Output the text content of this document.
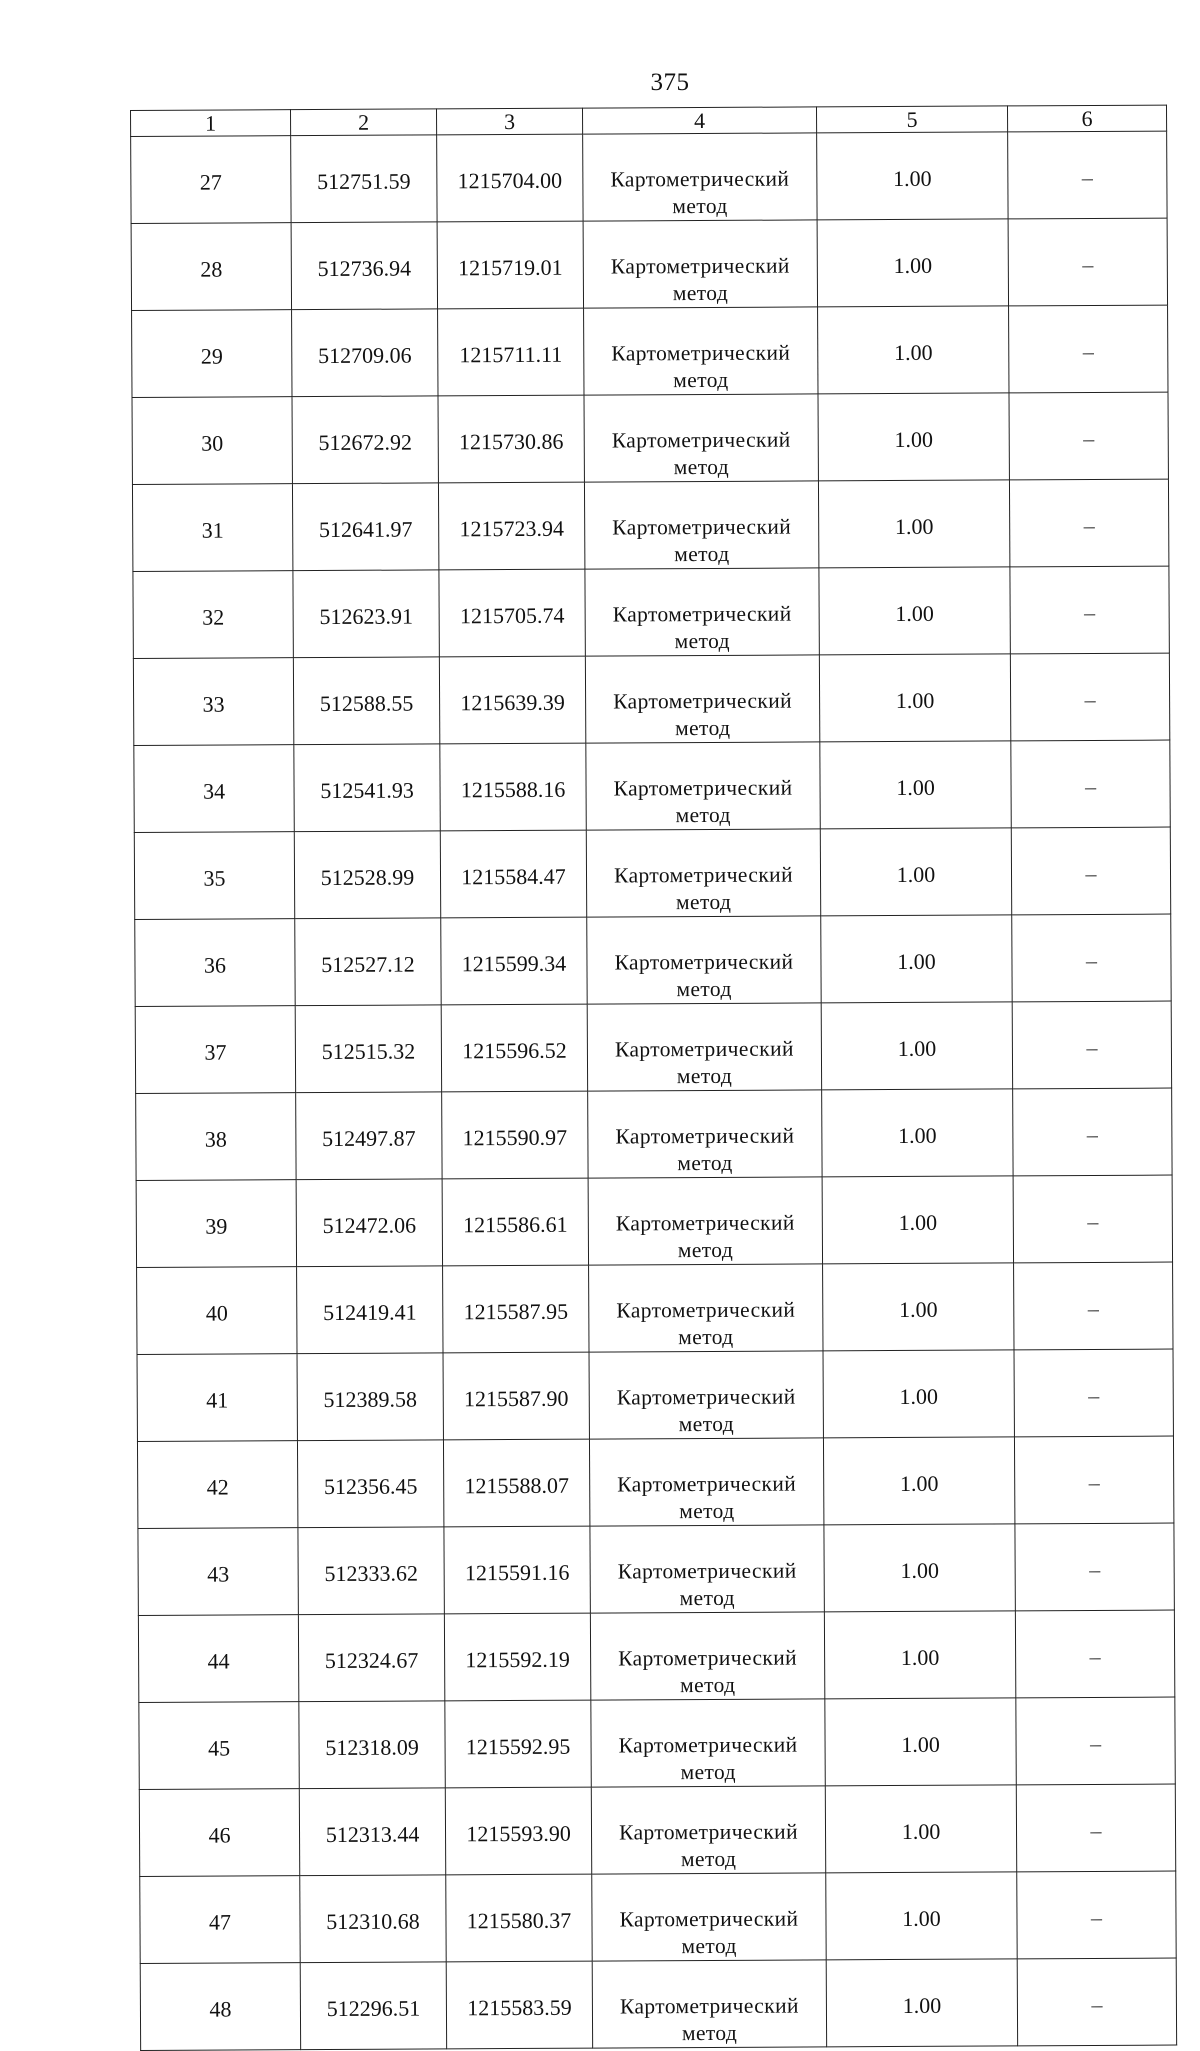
375
1	2	3	4	5	6
27	512751.59	1215704.00	Картометрический метод	1.00	–
28	512736.94	1215719.01	Картометрический метод	1.00	–
29	512709.06	1215711.11	Картометрический метод	1.00	–
30	512672.92	1215730.86	Картометрический метод	1.00	–
31	512641.97	1215723.94	Картометрический метод	1.00	–
32	512623.91	1215705.74	Картометрический метод	1.00	–
33	512588.55	1215639.39	Картометрический метод	1.00	–
34	512541.93	1215588.16	Картометрический метод	1.00	–
35	512528.99	1215584.47	Картометрический метод	1.00	–
36	512527.12	1215599.34	Картометрический метод	1.00	–
37	512515.32	1215596.52	Картометрический метод	1.00	–
38	512497.87	1215590.97	Картометрический метод	1.00	–
39	512472.06	1215586.61	Картометрический метод	1.00	–
40	512419.41	1215587.95	Картометрический метод	1.00	–
41	512389.58	1215587.90	Картометрический метод	1.00	–
42	512356.45	1215588.07	Картометрический метод	1.00	–
43	512333.62	1215591.16	Картометрический метод	1.00	–
44	512324.67	1215592.19	Картометрический метод	1.00	–
45	512318.09	1215592.95	Картометрический метод	1.00	–
46	512313.44	1215593.90	Картометрический метод	1.00	–
47	512310.68	1215580.37	Картометрический метод	1.00	–
48	512296.51	1215583.59	Картометрический метод	1.00	–
